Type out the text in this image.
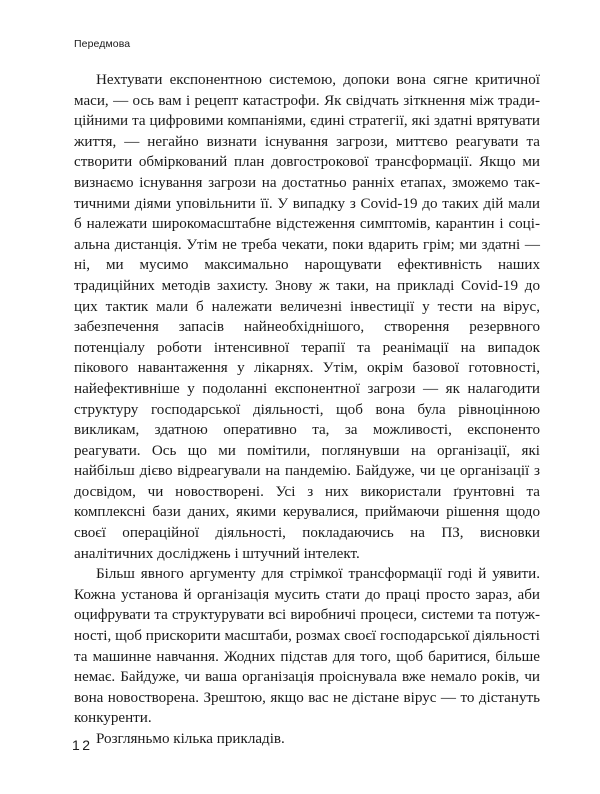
Передмова

Нехтувати експонентною системою, допоки вона сягне критичної маси, — ось вам і рецепт катастрофи. Як свідчать зіткнення між традиційними та цифровими компаніями, єдині стратегії, які здатні врятувати життя, — негайно визнати існування загрози, миттєво реагувати та створити обміркований план довгострокової трансформації. Якщо ми визнаємо існування загрози на достатньо ранніх етапах, зможемо тактичними діями уповільнити її. У випадку з Covid-19 до таких дій мали б належати широкомасштабне відстеження симптомів, карантин і соціальна дистанція. Утім не треба чекати, поки вдарить грім; ми здатні — ні, ми мусимо максимально нарощувати ефективність наших традиційних методів захисту. Знову ж таки, на прикладі Covid-19 до цих тактик мали б належати величезні інвестиції у тести на вірус, забезпечення запасів найнеобхіднішого, створення резервного потенціалу роботи інтенсивної терапії та реанімації на випадок пікового навантаження у лікарнях. Утім, окрім базової готовності, найефективніше у подоланні експонентної загрози — як налагодити структуру господарської діяльності, щоб вона була рівноцінною викликам, здатною оперативно та, за можливості, експоненто реагувати. Ось що ми помітили, поглянувши на організації, які найбільш дієво відреагували на пандемію. Байдуже, чи це організації з досвідом, чи новостворені. Усі з них використали ґрунтовні та комплексні бази даних, якими керувалися, приймаючи рішення щодо своєї операційної діяльності, покладаючись на ПЗ, висновки аналітичних досліджень і штучний інтелект.

Більш явного аргументу для стрімкої трансформації годі й уявити. Кожна установа й організація мусить стати до праці просто зараз, аби оцифрувати та структурувати всі виробничі процеси, системи та потужності, щоб прискорити масштаби, розмах своєї господарської діяльності та машинне навчання. Жодних підстав для того, щоб баритися, більше немає. Байдуже, чи ваша організація проіснувала вже немало років, чи вона новостворена. Зрештою, якщо вас не дістане вірус — то дістануть конкуренти.

Розгляньмо кілька прикладів.

12
